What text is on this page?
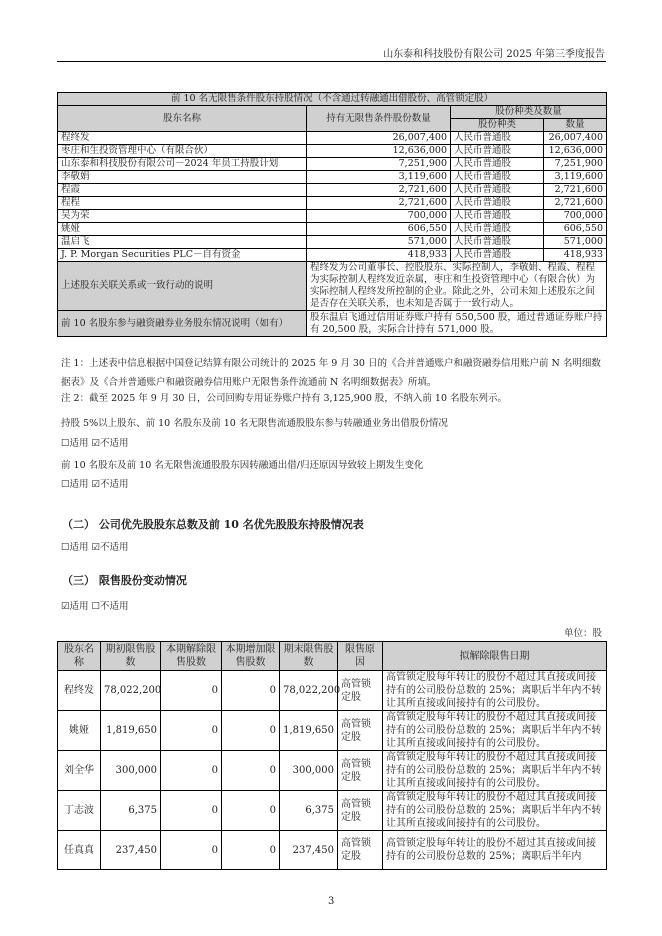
山东泰和科技股份有限公司 2025 年第三季度报告
前 10 名无限售条件股东持股情况（不含通过转融通出借股份、高管锁定股）			
股东名称	持有无限售条件股份数量	股份种类及数量	
		股份种类	数量
程终发	26,007,400	人民币普通股	26,007,400
枣庄和生投资管理中心（有限合伙）	12,636,000	人民币普通股	12,636,000
山东泰和科技股份有限公司－2024 年员工持股计划	7,251,900	人民币普通股	7,251,900
李敬娟	3,119,600	人民币普通股	3,119,600
程霞	2,721,600	人民币普通股	2,721,600
程程	2,721,600	人民币普通股	2,721,600
吴为荣	700,000	人民币普通股	700,000
姚娅	606,550	人民币普通股	606,550
温启飞	571,000	人民币普通股	571,000
J. P. Morgan Securities PLC－自有资金	418,933	人民币普通股	418,933
上述股东关联关系或一致行动的说明	程终发为公司董事长、控股股东、实际控制人，李敬娟、程霞、程程为实际控制人程终发近亲属，枣庄和生投资管理中心（有限合伙）为实际控制人程终发所控制的企业。除此之外，公司未知上述股东之间是否存在关联关系，也未知是否属于一致行动人。		
前 10 名股东参与融资融券业务股东情况说明（如有）	股东温启飞通过信用证券账户持有 550,500 股，通过普通证券账户持有 20,500 股，实际合计持有 571,000 股。		
注 1：上述表中信息根据中国登记结算有限公司统计的 2025 年 9 月 30 日的《合并普通账户和融资融券信用账户前 N 名明细数据表》及《合并普通账户和融资融券信用账户无限售条件流通前 N 名明细数据表》所填。
注 2：截至 2025 年 9 月 30 日，公司回购专用证券账户持有 3,125,900 股，不纳入前 10 名股东列示。
持股 5%以上股东、前 10 名股东及前 10 名无限售流通股股东参与转融通业务出借股份情况
☐适用 ☑不适用
前 10 名股东及前 10 名无限售流通股股东因转融通出借/归还原因导致较上期发生变化
☐适用 ☑不适用
（二） 公司优先股股东总数及前 10 名优先股股东持股情况表
☐适用 ☑不适用
（三） 限售股份变动情况
☑适用 ☐不适用
单位：股
股东名称	期初限售股数	本期解除限售股数	本期增加限售股数	期末限售股数	限售原因	拟解除限售日期
程终发	78,022,200	0	0	78,022,200	高管锁定股	高管锁定股每年转让的股份不超过其直接或间接持有的公司股份总数的 25%；离职后半年内不转让其所直接或间接持有的公司股份。
姚娅	1,819,650	0	0	1,819,650	高管锁定股	高管锁定股每年转让的股份不超过其直接或间接持有的公司股份总数的 25%；离职后半年内不转让其所直接或间接持有的公司股份。
刘全华	300,000	0	0	300,000	高管锁定股	高管锁定股每年转让的股份不超过其直接或间接持有的公司股份总数的 25%；离职后半年内不转让其所直接或间接持有的公司股份。
丁志波	6,375	0	0	6,375	高管锁定股	高管锁定股每年转让的股份不超过其直接或间接持有的公司股份总数的 25%；离职后半年内不转让其所直接或间接持有的公司股份。
任真真	237,450	0	0	237,450	高管锁定股	高管锁定股每年转让的股份不超过其直接或间接持有的公司股份总数的 25%；离职后半年内
3
